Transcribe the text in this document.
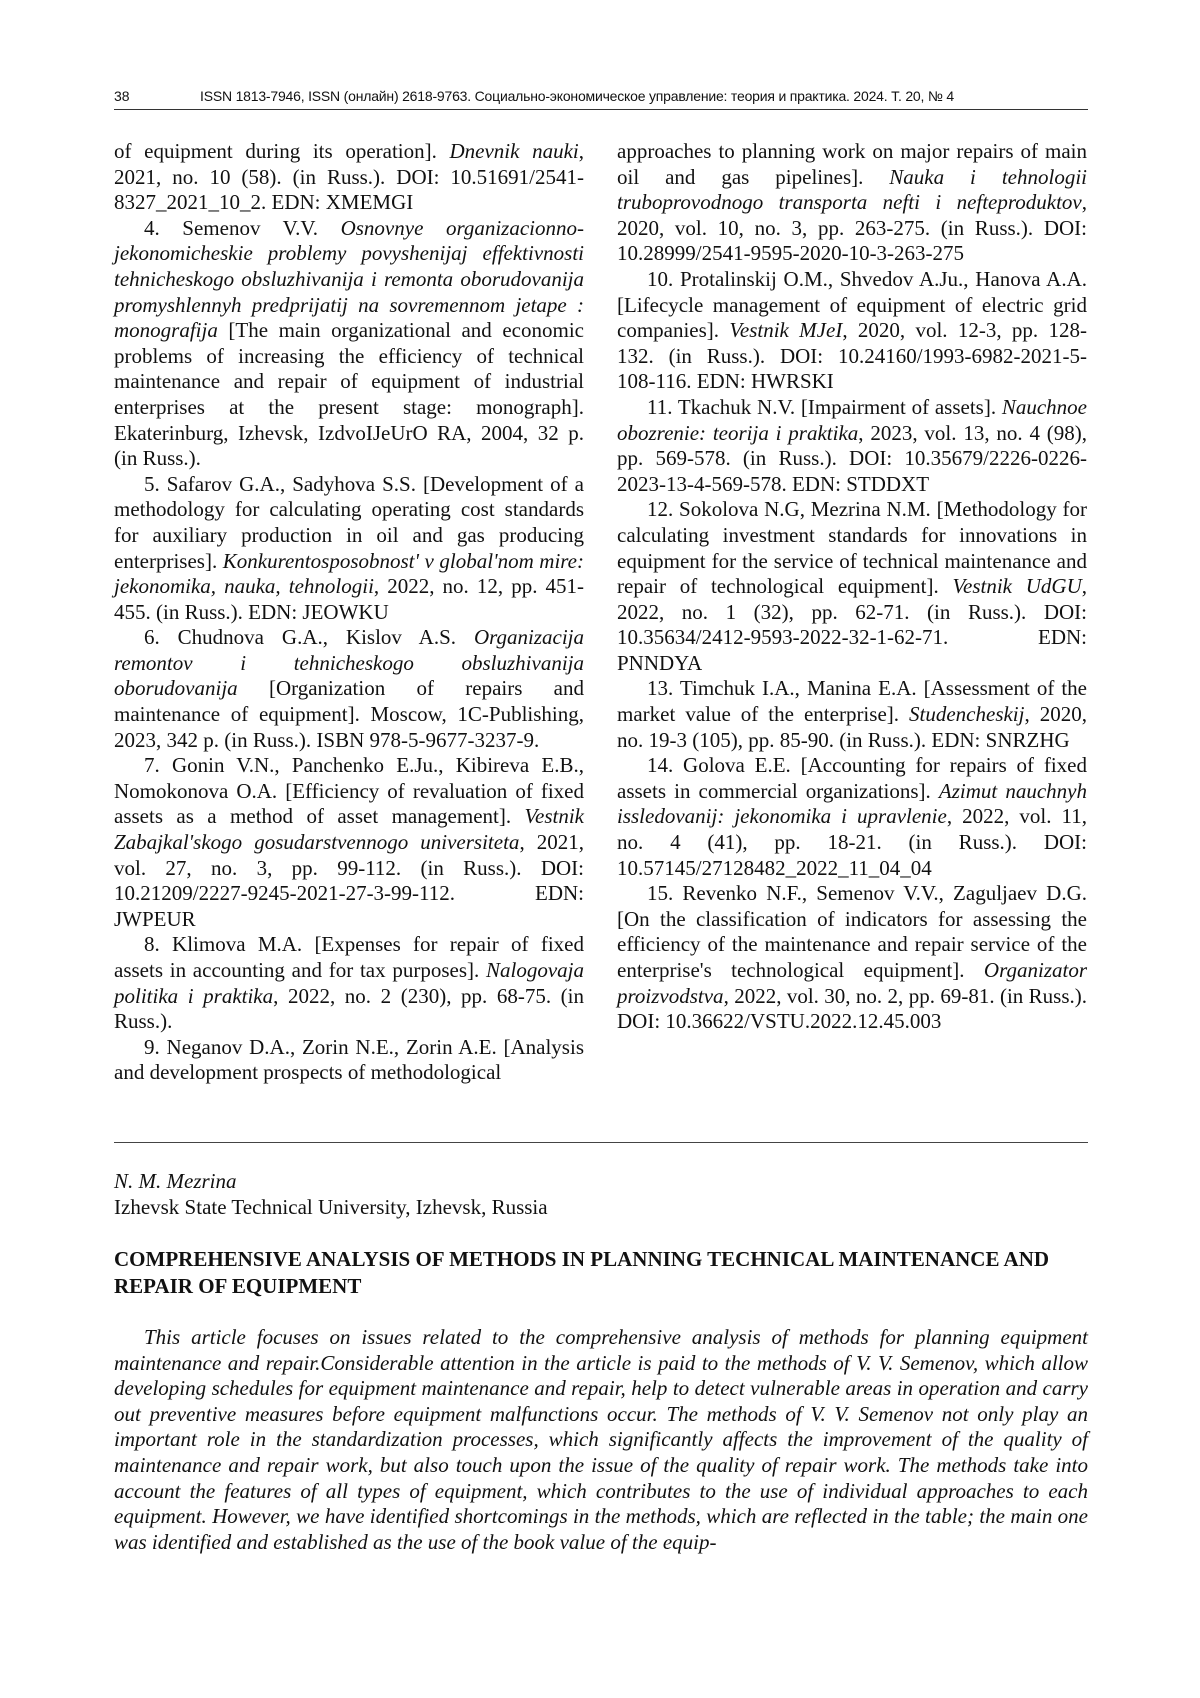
38	ISSN 1813-7946, ISSN (онлайн) 2618-9763. Социально-экономическое управление: теория и практика. 2024. Т. 20, № 4

of equipment during its operation]. Dnevnik nauki, 2021, no. 10 (58). (in Russ.). DOI: 10.51691/2541-8327_2021_10_2. EDN: XMEMGI

4. Semenov V.V. Osnovnye organizacionno-jekonomicheskie problemy povyshenijaj effektivnosti tehnicheskogo obsluzhivanija i remonta oborudovanija promyshlennyh predprijatij na sovremennom jetape : monografija [The main organizational and economic problems of increasing the efficiency of technical maintenance and repair of equipment of industrial enterprises at the present stage: monograph]. Ekaterinburg, Izhevsk, IzdvoIJeUrO RA, 2004, 32 p. (in Russ.).

5. Safarov G.A., Sadyhova S.S. [Development of a methodology for calculating operating cost standards for auxiliary production in oil and gas producing enterprises]. Konkurentosposobnost' v global'nom mire: jekonomika, nauka, tehnologii, 2022, no. 12, pp. 451-455. (in Russ.). EDN: JEOWKU

6. Chudnova G.A., Kislov A.S. Organizacija remontov i tehnicheskogo obsluzhivanija oborudovanija [Organization of repairs and maintenance of equipment]. Moscow, 1C-Publishing, 2023, 342 p. (in Russ.). ISBN 978-5-9677-3237-9.

7. Gonin V.N., Panchenko E.Ju., Kibireva E.B., Nomokonova O.A. [Efficiency of revaluation of fixed assets as a method of asset management]. Vestnik Zabajkal'skogo gosudarstvennogo universiteta, 2021, vol. 27, no. 3, pp. 99-112. (in Russ.). DOI: 10.21209/2227-9245-2021-27-3-99-112. EDN: JWPEUR

8. Klimova M.A. [Expenses for repair of fixed assets in accounting and for tax purposes]. Nalogovaja politika i praktika, 2022, no. 2 (230), pp. 68-75. (in Russ.).

9. Neganov D.A., Zorin N.E., Zorin A.E. [Analysis and development prospects of methodological

approaches to planning work on major repairs of main oil and gas pipelines]. Nauka i tehnologii truboprovodnogo transporta nefti i nefteproduktov, 2020, vol. 10, no. 3, pp. 263-275. (in Russ.). DOI: 10.28999/2541-9595-2020-10-3-263-275

10. Protalinskij O.M., Shvedov A.Ju., Hanova A.A. [Lifecycle management of equipment of electric grid companies]. Vestnik MJeI, 2020, vol. 12-3, pp. 128-132. (in Russ.). DOI: 10.24160/1993-6982-2021-5-108-116. EDN: HWRSKI

11. Tkachuk N.V. [Impairment of assets]. Nauchnoe obozrenie: teorija i praktika, 2023, vol. 13, no. 4 (98), pp. 569-578. (in Russ.). DOI: 10.35679/2226-0226-2023-13-4-569-578. EDN: STDDXT

12. Sokolova N.G, Mezrina N.M. [Methodology for calculating investment standards for innovations in equipment for the service of technical maintenance and repair of technological equipment]. Vestnik UdGU, 2022, no. 1 (32), pp. 62-71. (in Russ.). DOI: 10.35634/2412-9593-2022-32-1-62-71. EDN: PNNDYA

13. Timchuk I.A., Manina E.A. [Assessment of the market value of the enterprise]. Studencheskij, 2020, no. 19-3 (105), pp. 85-90. (in Russ.). EDN: SNRZHG

14. Golova E.E. [Accounting for repairs of fixed assets in commercial organizations]. Azimut nauchnyh issledovanij: jekonomika i upravlenie, 2022, vol. 11, no. 4 (41), pp. 18-21. (in Russ.). DOI: 10.57145/27128482_2022_11_04_04

15. Revenko N.F., Semenov V.V., Zaguljaev D.G. [On the classification of indicators for assessing the efficiency of the maintenance and repair service of the enterprise's technological equipment]. Organizator proizvodstva, 2022, vol. 30, no. 2, pp. 69-81. (in Russ.). DOI: 10.36622/VSTU.2022.12.45.003

N. M. Mezrina
Izhevsk State Technical University, Izhevsk, Russia
COMPREHENSIVE ANALYSIS OF METHODS IN PLANNING TECHNICAL MAINTENANCE AND REPAIR OF EQUIPMENT

This article focuses on issues related to the comprehensive analysis of methods for planning equipment maintenance and repair.Considerable attention in the article is paid to the methods of V. V. Semenov, which allow developing schedules for equipment maintenance and repair, help to detect vulnerable areas in operation and carry out preventive measures before equipment malfunctions occur. The methods of V. V. Semenov not only play an important role in the standardization processes, which significantly affects the improvement of the quality of maintenance and repair work, but also touch upon the issue of the quality of repair work. The methods take into account the features of all types of equipment, which contributes to the use of individual approaches to each equipment. However, we have identified shortcomings in the methods, which are reflected in the table; the main one was identified and established as the use of the book value of the equip-
